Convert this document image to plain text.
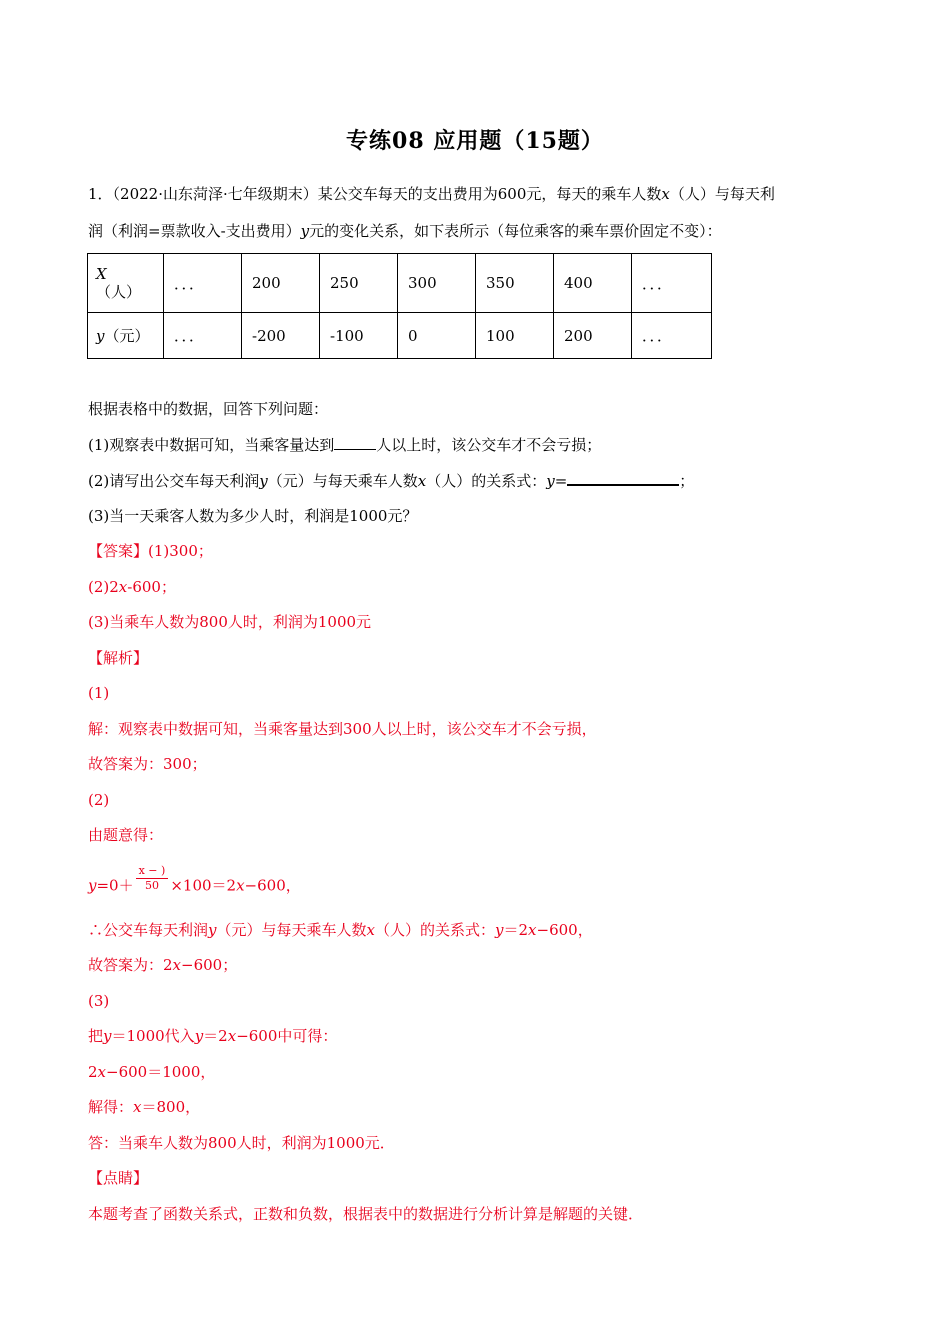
专练08 应用题（15题）
1．（2022·山东菏泽·七年级期末）某公交车每天的支出费用为600元，每天的乘车人数x（人）与每天利
润（利润=票款收入-支出费用）y元的变化关系，如下表所示（每位乘客的乘车票价固定不变）：
X
（人）	．．．	200	250	300	350	400	．．．
y（元）	．．．	-200	-100	0	100	200	．．．
根据表格中的数据，回答下列问题：
(1)观察表中数据可知，当乘客量达到	人以上时，该公交车才不会亏损；
(2)请写出公交车每天利润y（元）与每天乘车人数x（人）的关系式：y=	；
(3)当一天乘客人数为多少人时，利润是1000元？
【答案】(1)300；
(2)2x-600；
(3)当乘车人数为800人时，利润为1000元
【解析】
(1)
解：观察表中数据可知，当乘客量达到300人以上时，该公交车才不会亏损，
故答案为：300；
(2)
由题意得：
$y=0+ \frac{x - )}{50} \times 100=2x-600$，
∴公交车每天利润y（元）与每天乘车人数x（人）的关系式：y＝2x−600，
故答案为：2x−600；
(3)
把y＝1000代入y＝2x−600中可得：
2x−600＝1000，
解得：x＝800，
答：当乘车人数为800人时，利润为1000元．
【点睛】
本题考查了函数关系式，正数和负数，根据表中的数据进行分析计算是解题的关键．
